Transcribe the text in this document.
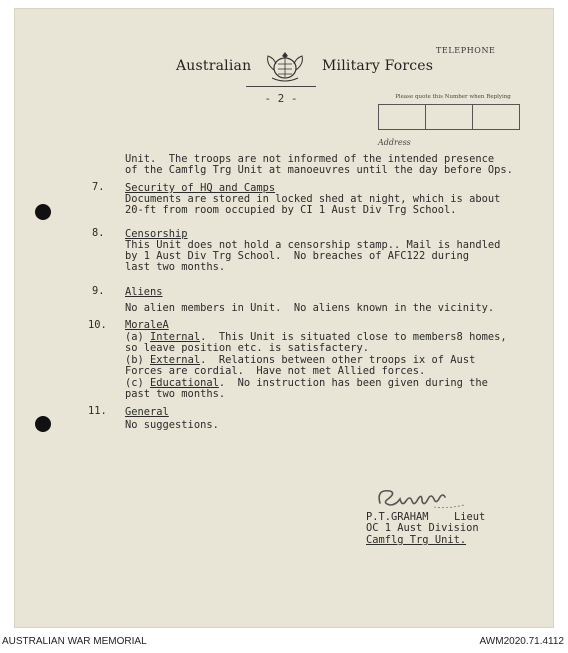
Australian	Military Forces
TELEPHONE
- 2 -	Please quote this Number when Replying
Address
Unit.  The troops are not informed of the intended presence
of the Camflg Trg Unit at manoeuvres until the day before Ops.
7. Security of HQ and Camps
Documents are stored in locked shed at night, which is about
20-ft from room occupied by CI 1 Aust Div Trg School.
8. Censorship
This Unit does not hold a censorship stamp.. Mail is handled
by 1 Aust Div Trg School.  No breaches of AFC122 during
last two months.
9. Aliens
No alien members in Unit.  No aliens known in the vicinity.
10. MoraleA
(a) Internal.  This Unit is situated close to members8 homes,
so leave position etc. is satisfactery.
(b) External.  Relations between other troops ix of Aust
Forces are cordial.  Have not met Allied forces.
(c) Educational.  No instruction has been given during the
past two months.
11. General
No suggestions.
P.T.GRAHAM Lieut
OC 1 Aust Division
Camflg Trg Unit.
AUSTRALIAN WAR MEMORIAL	AWM2020.71.4112
